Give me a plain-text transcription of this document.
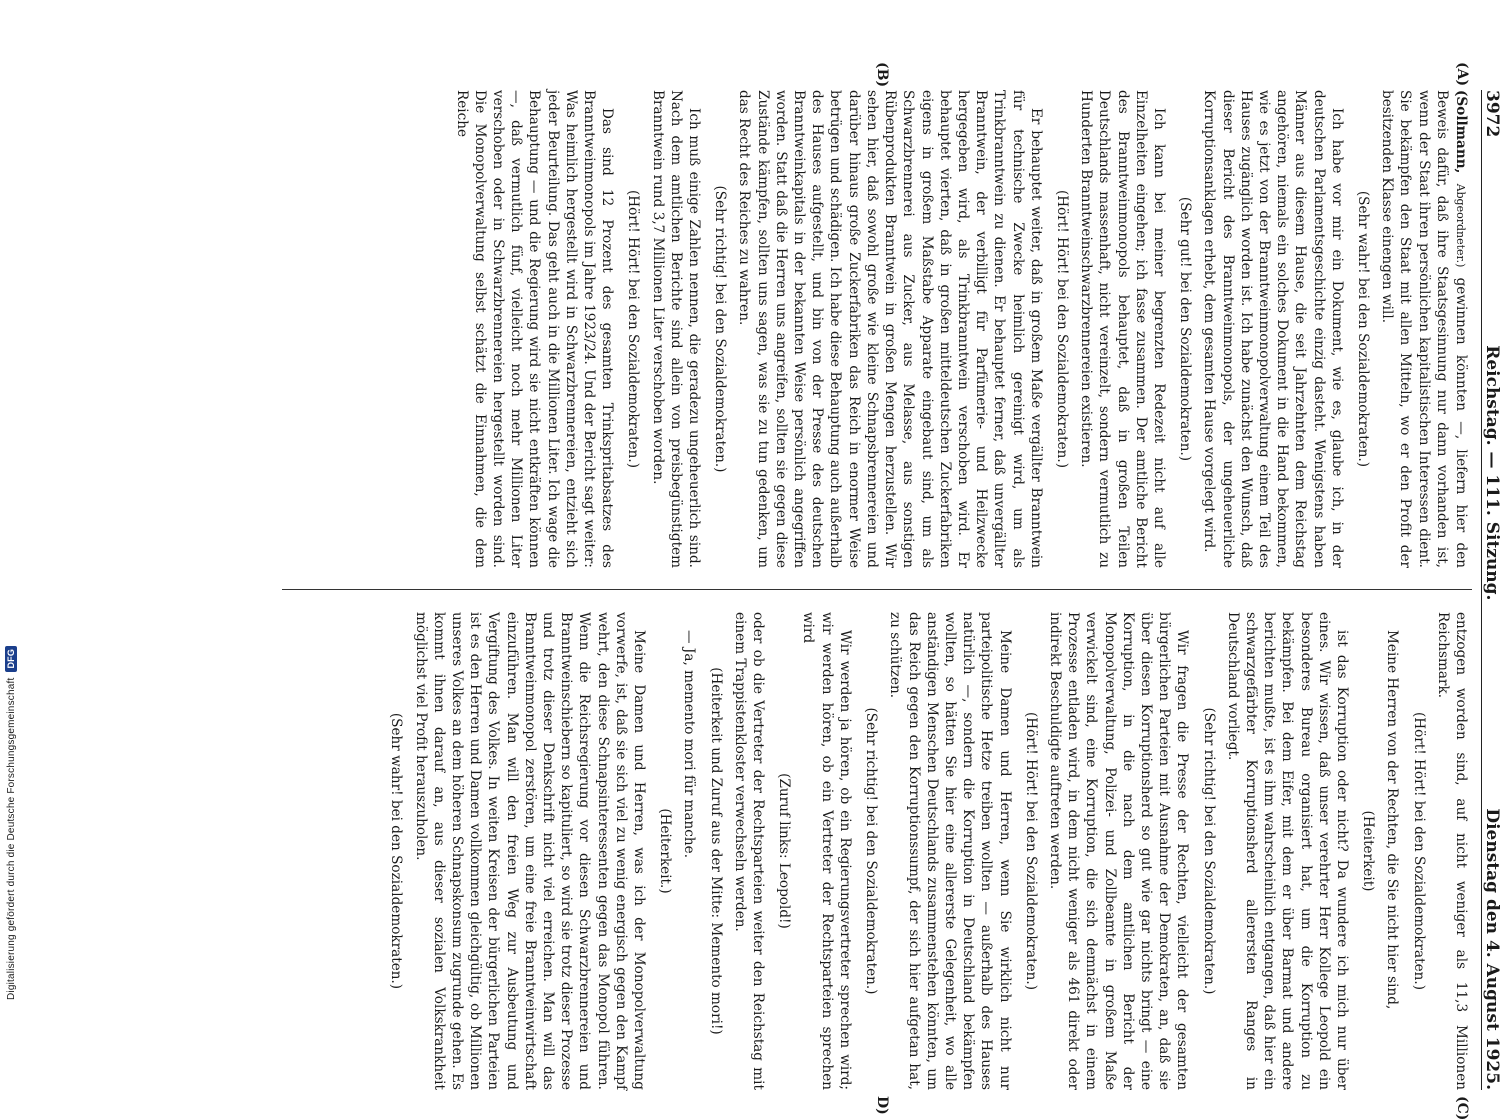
Digitalisierung gefördert durch die Deutsche Forschungsgemeinschaft
DFG
3972
Reichstag. — 111. Sitzung.
Dienstag den 4. August 1925.
(A)
(B)
(C)
D)

(Sollmann, Abgeordneter.) gewinnen könnten —, liefern hier den Beweis dafür, daß ihre Staatsgesinnung nur dann vorhanden ist, wenn der Staat ihren persönlichen kapitalistischen Interessen dient. Sie bekämpfen den Staat mit allen Mitteln, wo er den Profit der besitzenden Klasse einengen will.

(Sehr wahr! bei den Sozialdemokraten.)

Ich habe vor mir ein Dokument, wie es, glaube ich, in der deutschen Parlamentsgeschichte einzig dasteht. Wenigstens haben Männer aus diesem Hause, die seit Jahrzehnten dem Reichstag angehören, niemals ein solches Dokument in die Hand bekommen, wie es jetzt von der Branntweinmonopolverwaltung einem Teil des Hauses zugänglich worden ist. Ich habe zunächst den Wunsch, daß dieser Bericht des Branntweinmonopols, der ungeheuerliche Korruptionsanklagen erhebt, dem gesamten Hause vorgelegt wird.

(Sehr gut! bei den Sozialdemokraten.)

Ich kann bei meiner begrenzten Redezeit nicht auf alle Einzelheiten eingehen; ich fasse zusammen. Der amtliche Bericht des Branntweinmonopols behauptet, daß in großen Teilen Deutschlands massenhaft, nicht vereinzelt, sondern vermutlich zu Hunderten Branntweinschwarzbrennereien existieren.

(Hört! Hört! bei den Sozialdemokraten.)

Er behauptet weiter, daß in großem Maße vergällter Branntwein für technische Zwecke heimlich gereinigt wird, um als Trinkbranntwein zu dienen. Er behauptet ferner, daß unvergällter Branntwein, der verbilligt für Parfümerie- und Heilzwecke hergegeben wird, als Trinkbranntwein verschoben wird. Er behauptet vierten, daß in großen mitteldeutschen Zuckerfabriken eigens in großem Maßstabe Apparate eingebaut sind, um als Schwarzbrennerei aus Zucker, aus Melasse, aus sonstigen Rübenprodukten Branntwein in großen Mengen herzustellen. Wir sehen hier, daß sowohl große wie kleine Schnapsbrennereien und darüber hinaus große Zuckerfabriken das Reich in enormer Weise betrügen und schädigen. Ich habe diese Behauptung auch außerhalb des Hauses aufgestellt, und bin von der Presse des deutschen Branntweinkapitals in der bekannten Weise persönlich angegriffen worden. Statt daß die Herren uns angreifen, sollten sie gegen diese Zustände kämpfen, sollten uns sagen, was sie zu tun gedenken, um das Recht des Reiches zu wahren.

(Sehr richtig! bei den Sozialdemokraten.)

Ich muß einige Zahlen nennen, die geradezu ungeheuerlich sind. Nach dem amtlichen Berichte sind allein von preisbegünstigtem Branntwein rund 3,7 Millionen Liter verschoben worden.

(Hört! Hört! bei den Sozialdemokraten.)

Das sind 12 Prozent des gesamten Trinkspritabsatzes des Branntweinmonopols im Jahre 1923/24. Und der Bericht sagt weiter: Was heimlich hergestellt wird in Schwarzbrennereien, entzieht sich jeder Beurteilung. Das geht auch in die Millionen Liter. Ich wage die Behauptung — und die Regierung wird sie nicht entkräften können —, daß vermutlich fünf, vielleicht noch mehr Millionen Liter verschoben oder in Schwarzbrennereien hergestellt worden sind. Die Monopolverwaltung selbst schätzt die Einnahmen, die dem Reiche

entzogen worden sind, auf nicht weniger als 11,3 Millionen Reichsmark.

(Hört! Hört! bei den Sozialdemokraten.)

Meine Herren von der Rechten, die Sie nicht hier sind,

(Heiterkeit)

ist das Korruption oder nicht? Da wundere ich mich nur über eines. Wir wissen, daß unser verehrter Herr Kollege Leopold ein besonderes Bureau organisiert hat, um die Korruption zu bekämpfen. Bei dem Eifer, mit dem er über Barmat und andere berichten mußte, ist es ihm wahrscheinlich entgangen, daß hier ein schwarzgefärbter Korruptionsherd allerersten Ranges in Deutschland vorliegt.

(Sehr richtig! bei den Sozialdemokraten.)

Wir fragen die Presse der Rechten, vielleicht der gesamten bürgerlichen Parteien mit Ausnahme der Demokraten, an, daß sie über diesen Korruptionsherd so gut wie gar nichts bringt — eine Korruption, in die nach dem amtlichen Bericht der Monopolverwaltung, Polizei- und Zollbeamte in großem Maße verwickelt sind, eine Korruption, die sich demnächst in einem Prozesse entladen wird, in dem nicht weniger als 461 direkt oder indirekt Beschuldigte auftreten werden.

(Hört! Hört! bei den Sozialdemokraten.)

Meine Damen und Herren, wenn Sie wirklich nicht nur parteipolitische Hetze treiben wollten — außerhalb des Hauses natürlich —, sondern die Korruption in Deutschland bekämpfen wollten, so hätten Sie hier eine allererste Gelegenheit, wo alle anständigen Menschen Deutschlands zusammenstehen könnten, um das Reich gegen den Korruptionssumpf, der sich hier aufgetan hat, zu schützen.

(Sehr richtig! bei den Sozialdemokraten.)

Wir werden ja hören, ob ein Regierungsvertreter sprechen wird; wir werden hören, ob ein Vertreter der Rechtsparteien sprechen wird

(Zuruf links: Leopold!)

oder ob die Vertreter der Rechtsparteien weiter den Reichstag mit einem Trappistenkloster verwechseln werden.

(Heiterkeit und Zuruf aus der Mitte: Memento mori!)

— Ja, memento mori für manche.

(Heiterkeit.)

Meine Damen und Herren, was ich der Monopolverwaltung vorwerfe, ist, daß sie sich viel zu wenig energisch gegen den Kampf wehrt, den diese Schnapsinteressenten gegen das Monopol führen. Wenn die Reichsregierung vor diesen Schwarzbrennereien und Branntweinschiebern so kapituliert, so wird sie trotz dieser Prozesse und trotz dieser Denkschrift nicht viel erreichen. Man will das Branntweinmonopol zerstören, um eine freie Branntweinwirtschaft einzuführen. Man will den freien Weg zur Ausbeutung und Vergiftung des Volkes. In weiten Kreisen der bürgerlichen Parteien ist es den Herren und Damen vollkommen gleichgültig, ob Millionen unseres Volkes an dem höheren Schnapskonsum zugrunde gehen. Es kommt ihnen darauf an, aus dieser sozialen Volkskrankheit möglichst viel Profit herauszuholen.

(Sehr wahr! bei den Sozialdemokraten.)
